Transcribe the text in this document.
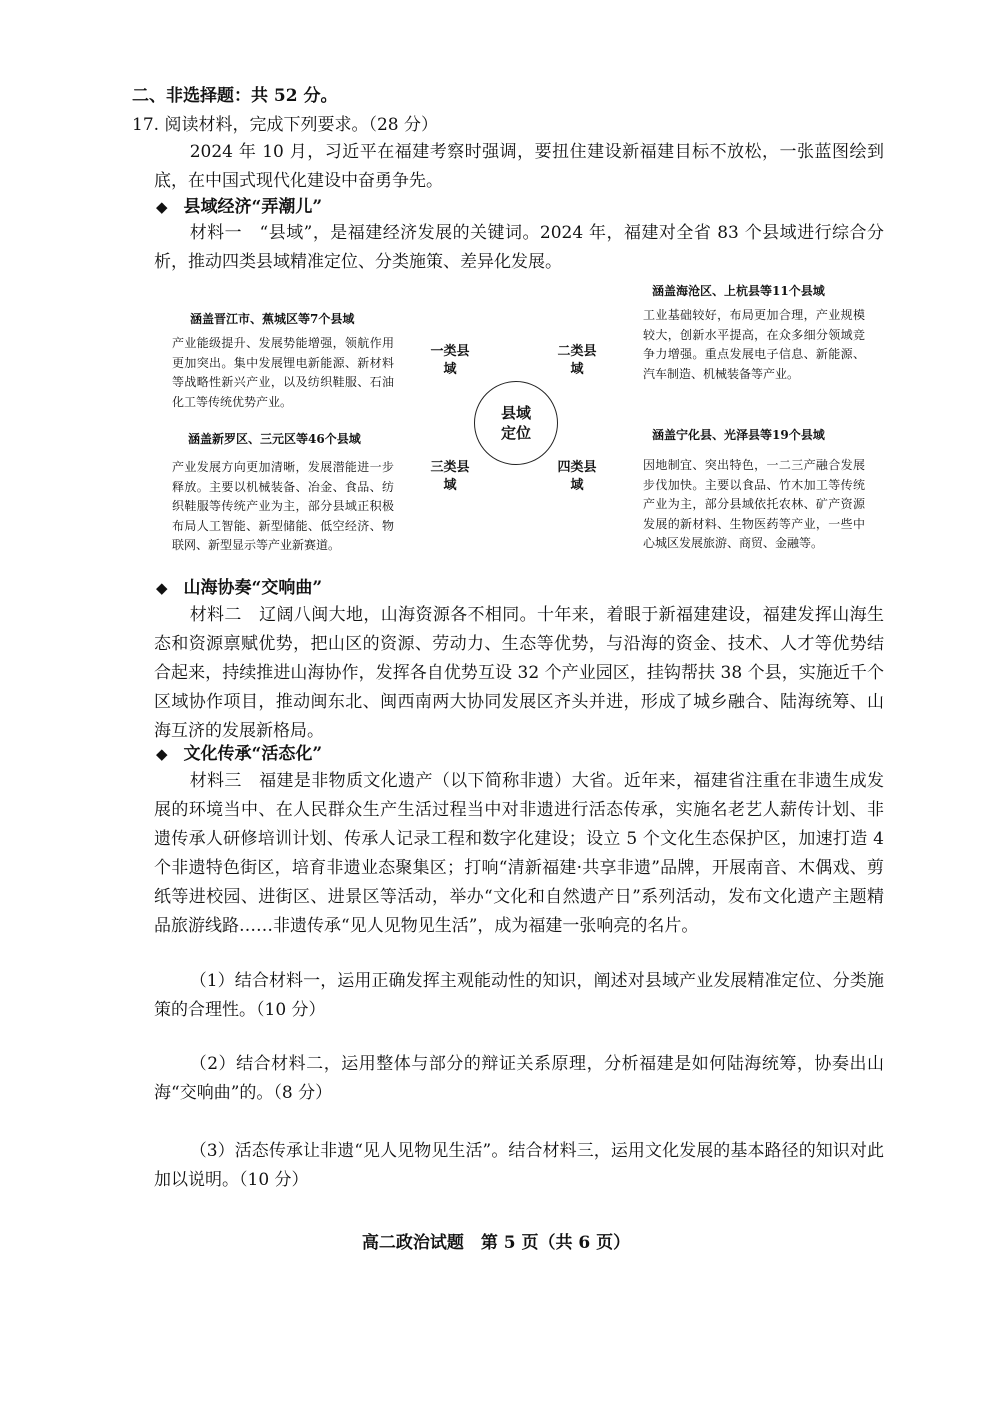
二、非选择题：共 52 分。
17. 阅读材料，完成下列要求。（28 分）
2024 年 10 月，习近平在福建考察时强调，要扭住建设新福建目标不放松，一张蓝图绘到底，在中国式现代化建设中奋勇争先。
◆ 县域经济“弄潮儿”
材料一　“县域”，是福建经济发展的关键词。2024 年，福建对全省 83 个县域进行综合分析，推动四类县域精准定位、分类施策、差异化发展。
涵盖晋江市、蕉城区等7个县域
产业能级提升、发展势能增强，领航作用更加突出。集中发展锂电新能源、新材料等战略性新兴产业，以及纺织鞋服、石油化工等传统优势产业。
涵盖海沧区、上杭县等11个县域
工业基础较好，布局更加合理，产业规模较大，创新水平提高，在众多细分领域竞争力增强。重点发展电子信息、新能源、汽车制造、机械装备等产业。
涵盖新罗区、三元区等46个县域
产业发展方向更加清晰，发展潜能进一步释放。主要以机械装备、冶金、食品、纺织鞋服等传统产业为主，部分县域正积极布局人工智能、新型储能、低空经济、物联网、新型显示等产业新赛道。
涵盖宁化县、光泽县等19个县域
因地制宜、突出特色，一二三产融合发展步伐加快。主要以食品、竹木加工等传统产业为主，部分县域依托农林、矿产资源发展的新材料、生物医药等产业，一些中心城区发展旅游、商贸、金融等。
一类县域
二类县域
三类县域
四类县域
县域定位
◆ 山海协奏“交响曲”
材料二　辽阔八闽大地，山海资源各不相同。十年来，着眼于新福建建设，福建发挥山海生态和资源禀赋优势，把山区的资源、劳动力、生态等优势，与沿海的资金、技术、人才等优势结合起来，持续推进山海协作，发挥各自优势互设 32 个产业园区，挂钩帮扶 38 个县，实施近千个区域协作项目，推动闽东北、闽西南两大协同发展区齐头并进，形成了城乡融合、陆海统筹、山海互济的发展新格局。
◆ 文化传承“活态化”
材料三　福建是非物质文化遗产（以下简称非遗）大省。近年来，福建省注重在非遗生成发展的环境当中、在人民群众生产生活过程当中对非遗进行活态传承，实施名老艺人薪传计划、非遗传承人研修培训计划、传承人记录工程和数字化建设；设立 5 个文化生态保护区，加速打造 4 个非遗特色街区，培育非遗业态聚集区；打响“清新福建·共享非遗”品牌，开展南音、木偶戏、剪纸等进校园、进街区、进景区等活动，举办“文化和自然遗产日”系列活动，发布文化遗产主题精品旅游线路……非遗传承“见人见物见生活”，成为福建一张响亮的名片。
（1）结合材料一，运用正确发挥主观能动性的知识，阐述对县域产业发展精准定位、分类施策的合理性。（10 分）
（2）结合材料二，运用整体与部分的辩证关系原理，分析福建是如何陆海统筹，协奏出山海“交响曲”的。（8 分）
（3）活态传承让非遗“见人见物见生活”。结合材料三，运用文化发展的基本路径的知识对此加以说明。（10 分）
高二政治试题　第 5 页（共 6 页）
